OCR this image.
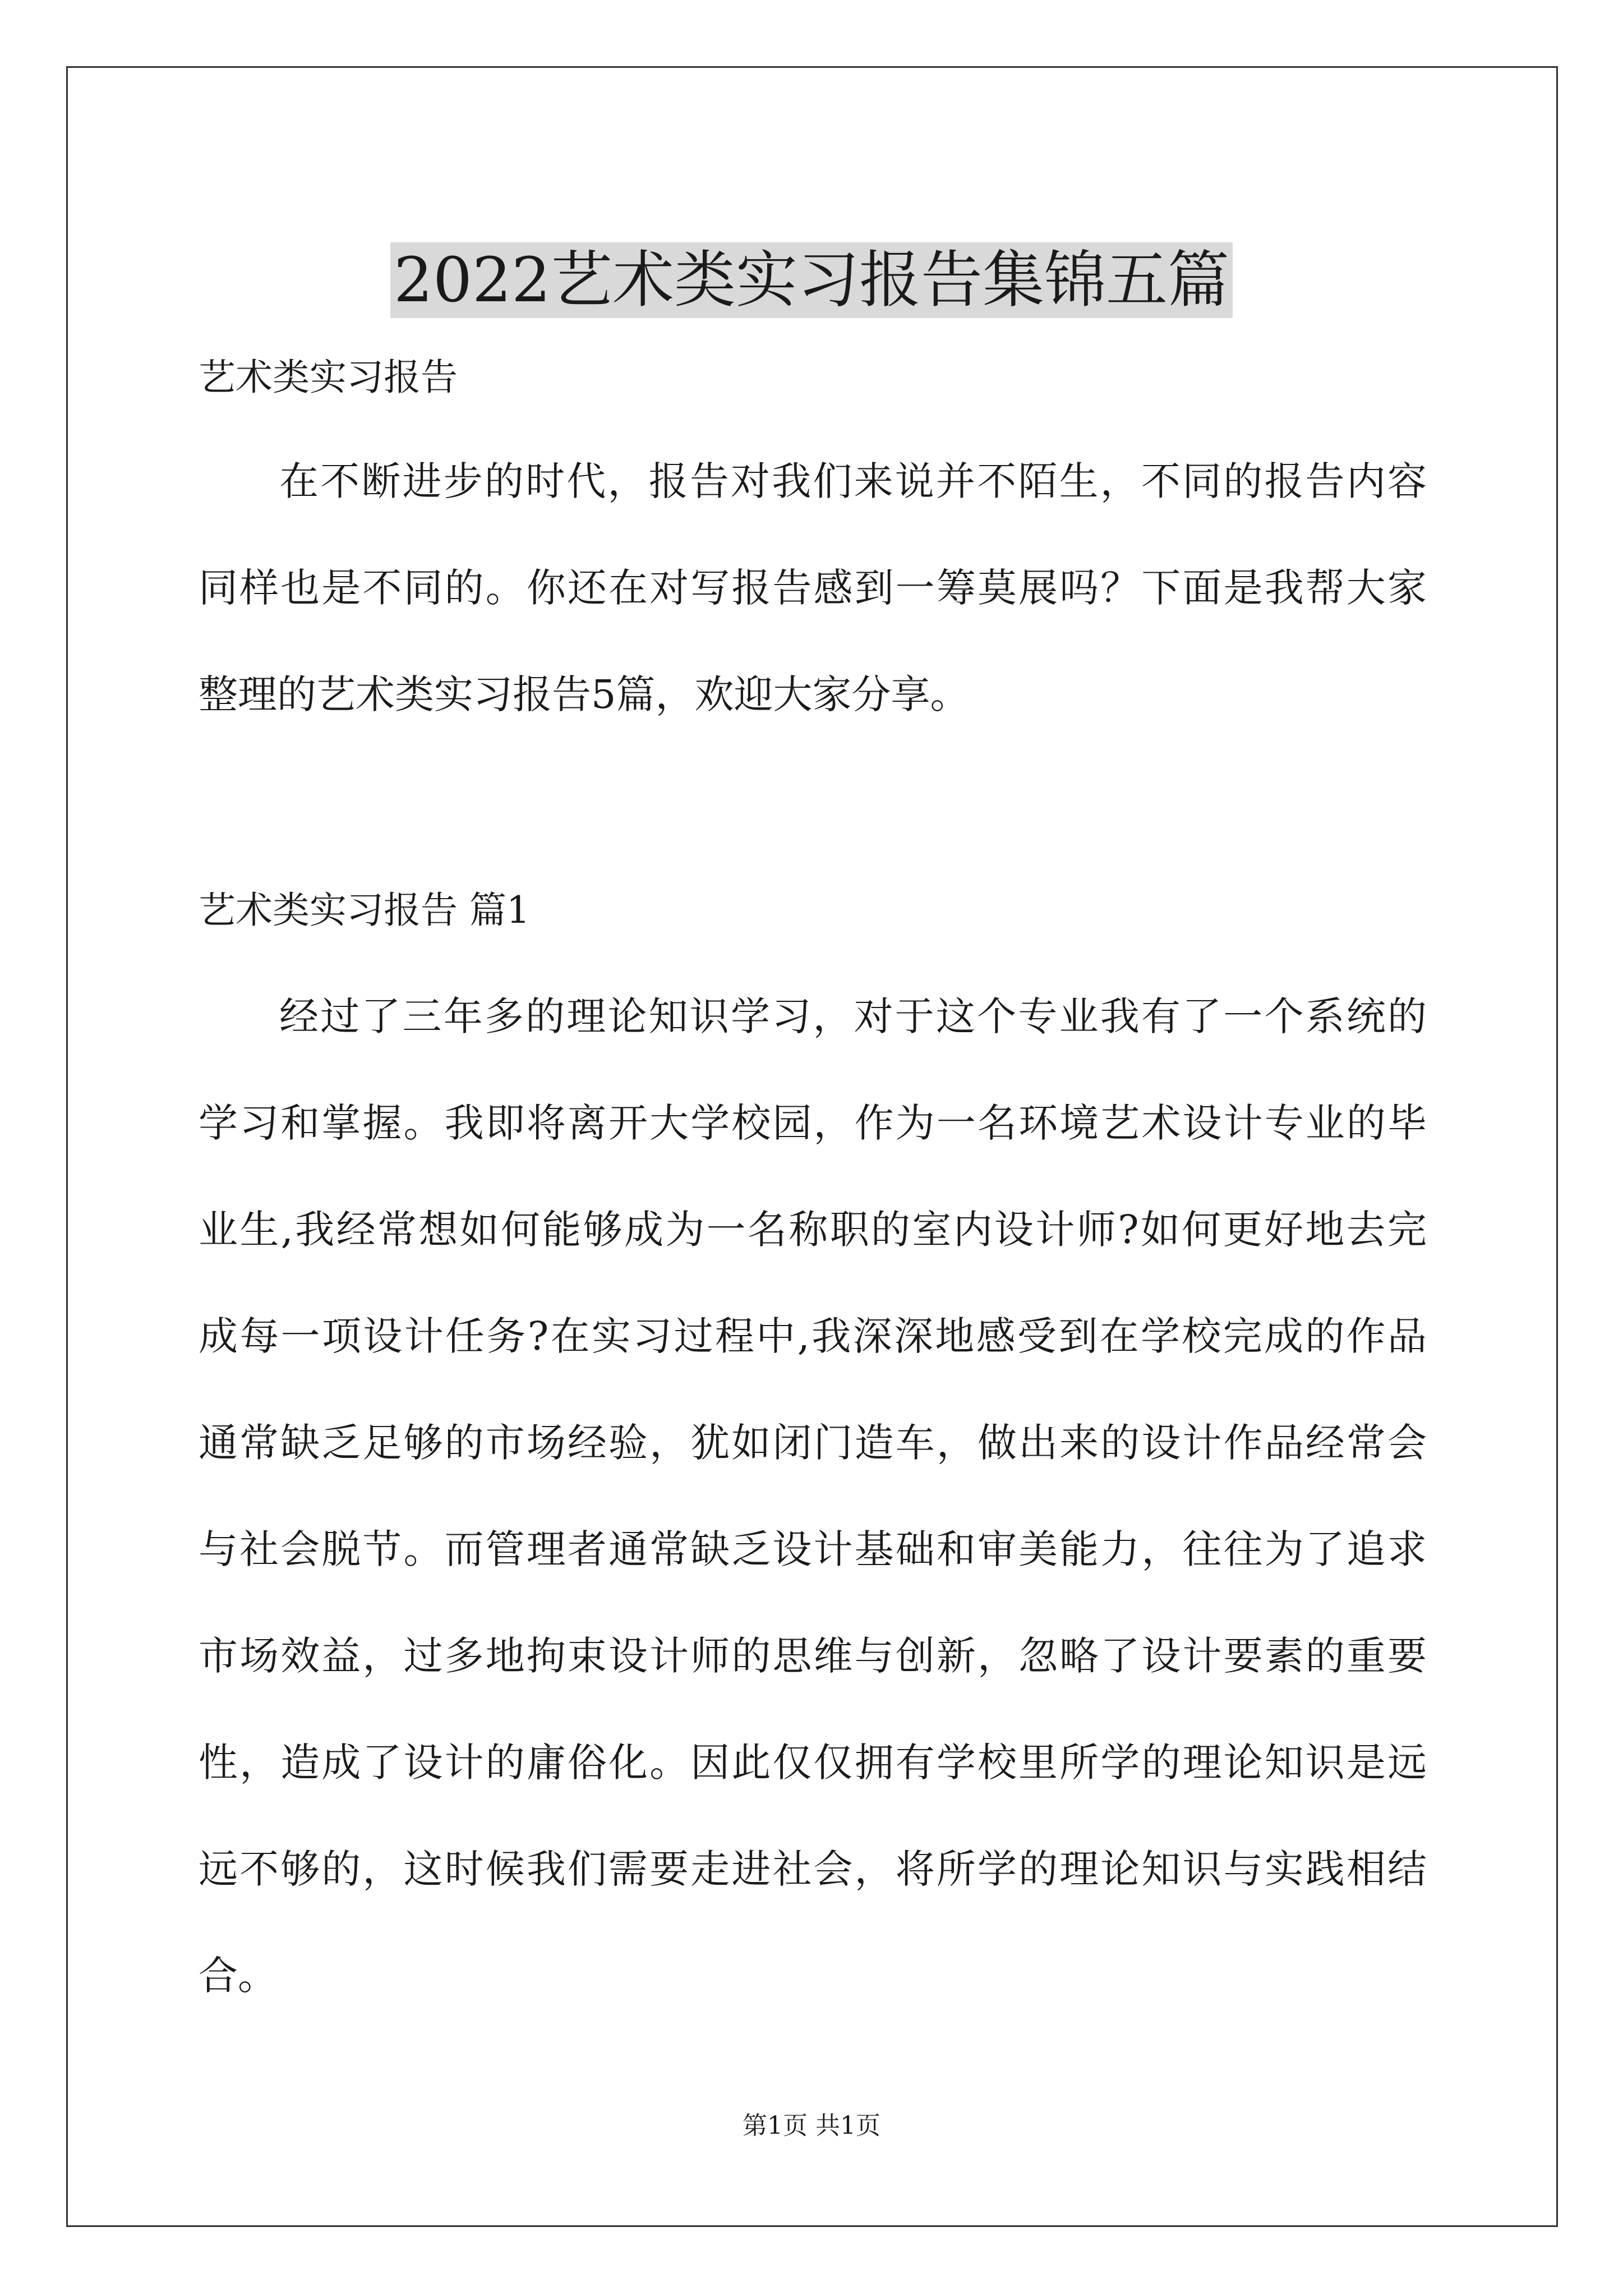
2022艺术类实习报告集锦五篇
艺术类实习报告
在不断进步的时代，报告对我们来说并不陌生，不同的报告内容
同样也是不同的。你还在对写报告感到一筹莫展吗？下面是我帮大家
整理的艺术类实习报告5篇，欢迎大家分享。
艺术类实习报告 篇1
经过了三年多的理论知识学习，对于这个专业我有了一个系统的
学习和掌握。我即将离开大学校园，作为一名环境艺术设计专业的毕
业生,我经常想如何能够成为一名称职的室内设计师?如何更好地去完
成每一项设计任务?在实习过程中,我深深地感受到在学校完成的作品
通常缺乏足够的市场经验，犹如闭门造车，做出来的设计作品经常会
与社会脱节。而管理者通常缺乏设计基础和审美能力，往往为了追求
市场效益，过多地拘束设计师的思维与创新，忽略了设计要素的重要
性，造成了设计的庸俗化。因此仅仅拥有学校里所学的理论知识是远
远不够的，这时候我们需要走进社会，将所学的理论知识与实践相结
合。
第1页 共1页
